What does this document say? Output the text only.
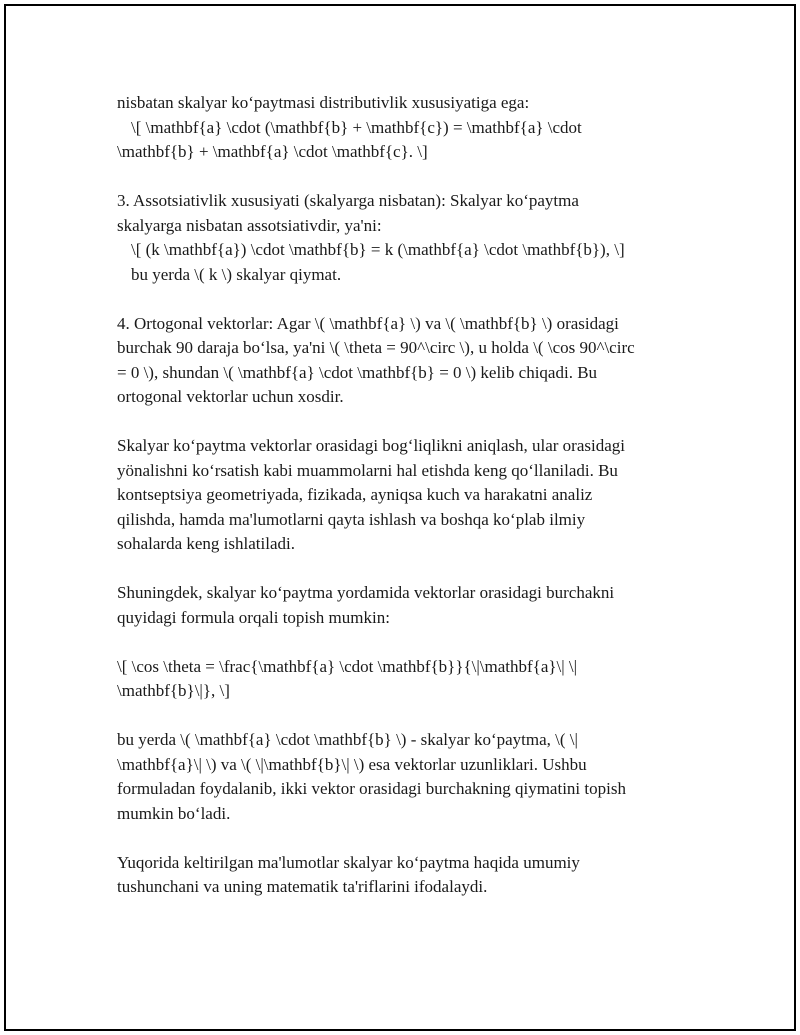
nisbatan skalyar koʻpaytmasi distributivlik xususiyatiga ega:
\[ \mathbf{a} \cdot (\mathbf{b} + \mathbf{c}) = \mathbf{a} \cdot
\mathbf{b} + \mathbf{a} \cdot \mathbf{c}. \]
3. Assotsiativlik xususiyati (skalyarga nisbatan): Skalyar koʻpaytma
skalyarga nisbatan assotsiativdir, ya'ni:
\[ (k \mathbf{a}) \cdot \mathbf{b} = k (\mathbf{a} \cdot \mathbf{b}), \]
bu yerda \( k \) skalyar qiymat.
4. Ortogonal vektorlar: Agar \( \mathbf{a} \) va \( \mathbf{b} \) orasidagi
burchak 90 daraja boʻlsa, ya'ni \( \theta = 90^\circ \), u holda \( \cos 90^\circ
= 0 \), shundan \( \mathbf{a} \cdot \mathbf{b} = 0 \) kelib chiqadi. Bu
ortogonal vektorlar uchun xosdir.
Skalyar koʻpaytma vektorlar orasidagi bogʻliqlikni aniqlash, ular orasidagi
yönalishni koʻrsatish kabi muammolarni hal etishda keng qoʻllaniladi. Bu
kontseptsiya geometriyada, fizikada, ayniqsa kuch va harakatni analiz
qilishda, hamda ma'lumotlarni qayta ishlash va boshqa koʻplab ilmiy
sohalarda keng ishlatiladi.
Shuningdek, skalyar koʻpaytma yordamida vektorlar orasidagi burchakni
quyidagi formula orqali topish mumkin:
\[ \cos \theta = \frac{\mathbf{a} \cdot \mathbf{b}}{\|\mathbf{a}\| \|
\mathbf{b}\|}, \]
bu yerda \( \mathbf{a} \cdot \mathbf{b} \) - skalyar koʻpaytma, \( \|
\mathbf{a}\| \) va \( \|\mathbf{b}\| \) esa vektorlar uzunliklari. Ushbu
formuladan foydalanib, ikki vektor orasidagi burchakning qiymatini topish
mumkin boʻladi.
Yuqorida keltirilgan ma'lumotlar skalyar koʻpaytma haqida umumiy
tushunchani va uning matematik ta'riflarini ifodalaydi.
